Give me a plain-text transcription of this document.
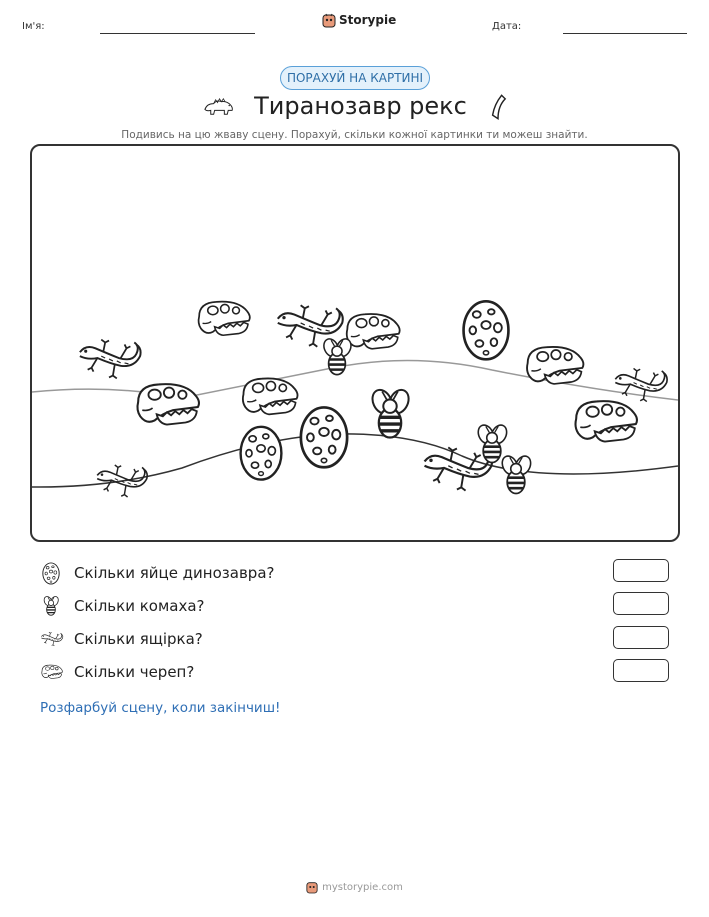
Ім'я:	Storypie	Дата:
ПОРАХУЙ НА КАРТИНІ
Тиранозавр рекс
Подивись на цю жваву сцену. Порахуй, скільки кожної картинки ти можеш знайти.
Скільки яйце динозавра?
Скільки комаха?
Скільки ящірка?
Скільки череп?
Розфарбуй сцену, коли закінчиш!
mystorypie.com
